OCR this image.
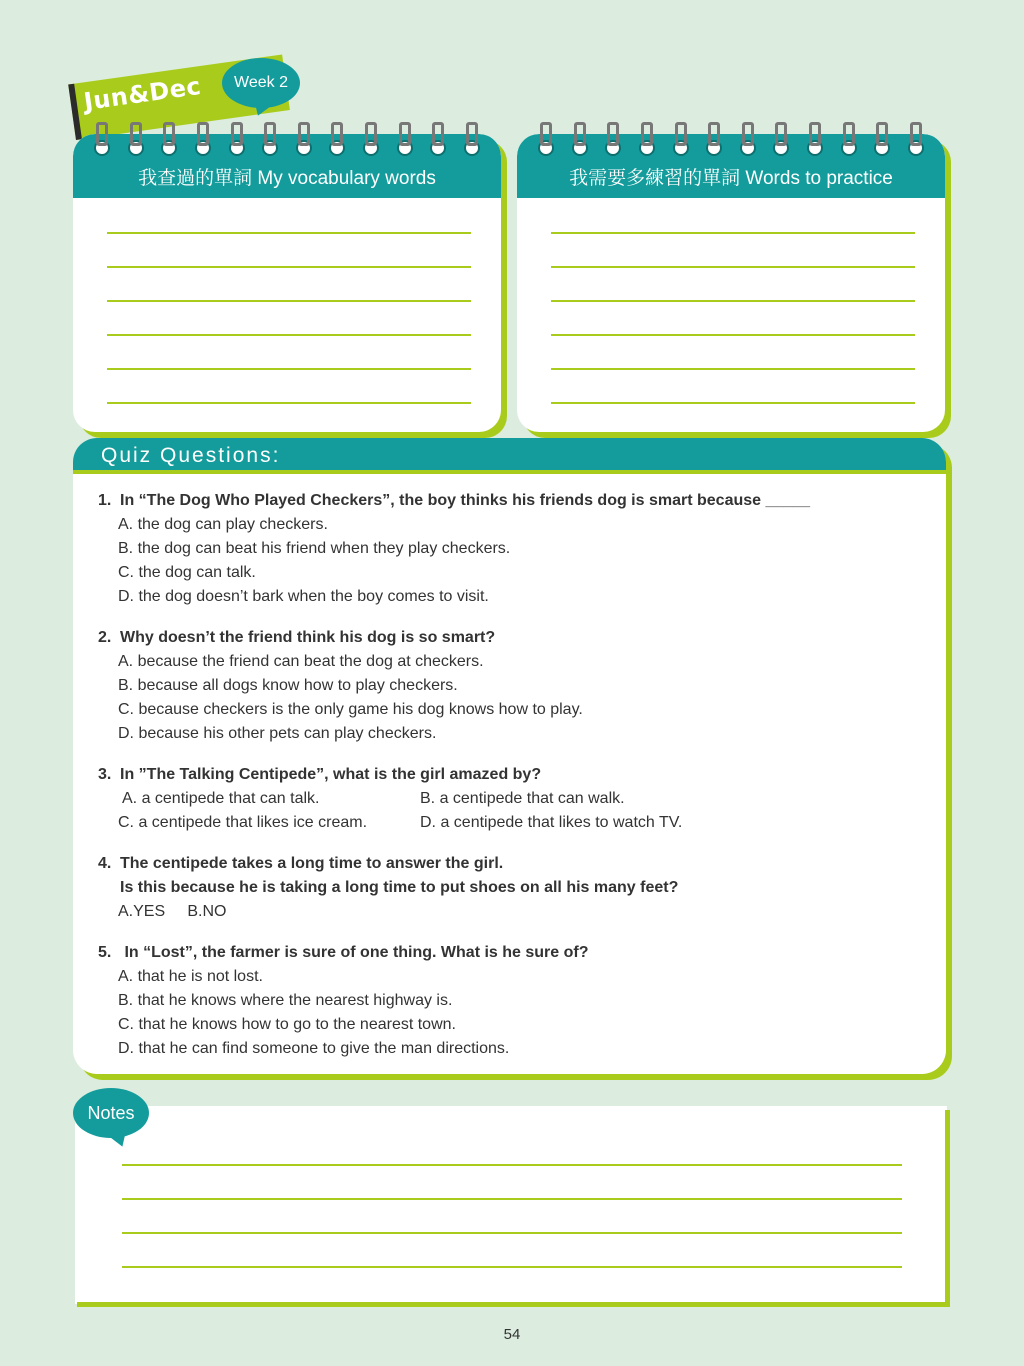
Jun&Dec	Week 2
我查過的單詞 My vocabulary words	我需要多練習的單詞 Words to practice
Quiz Questions:
1. In “The Dog Who Played Checkers”, the boy thinks his friends dog is smart because _____
A. the dog can play checkers.
B. the dog can beat his friend when they play checkers.
C. the dog can talk.
D. the dog doesn’t bark when the boy comes to visit.
2. Why doesn’t the friend think his dog is so smart?
A. because the friend can beat the dog at checkers.
B. because all dogs know how to play checkers.
C. because checkers is the only game his dog knows how to play.
D. because his other pets can play checkers.
3. In ”The Talking Centipede”, what is the girl amazed by?
A. a centipede that can talk.	B. a centipede that can walk.
C. a centipede that likes ice cream.	D. a centipede that likes to watch TV.
4. The centipede takes a long time to answer the girl.
Is this because he is taking a long time to put shoes on all his many feet?
A.YES     B.NO
5. In “Lost”, the farmer is sure of one thing. What is he sure of?
A. that he is not lost.
B. that he knows where the nearest highway is.
C. that he knows how to go to the nearest town.
D. that he can find someone to give the man directions.
Notes
54
